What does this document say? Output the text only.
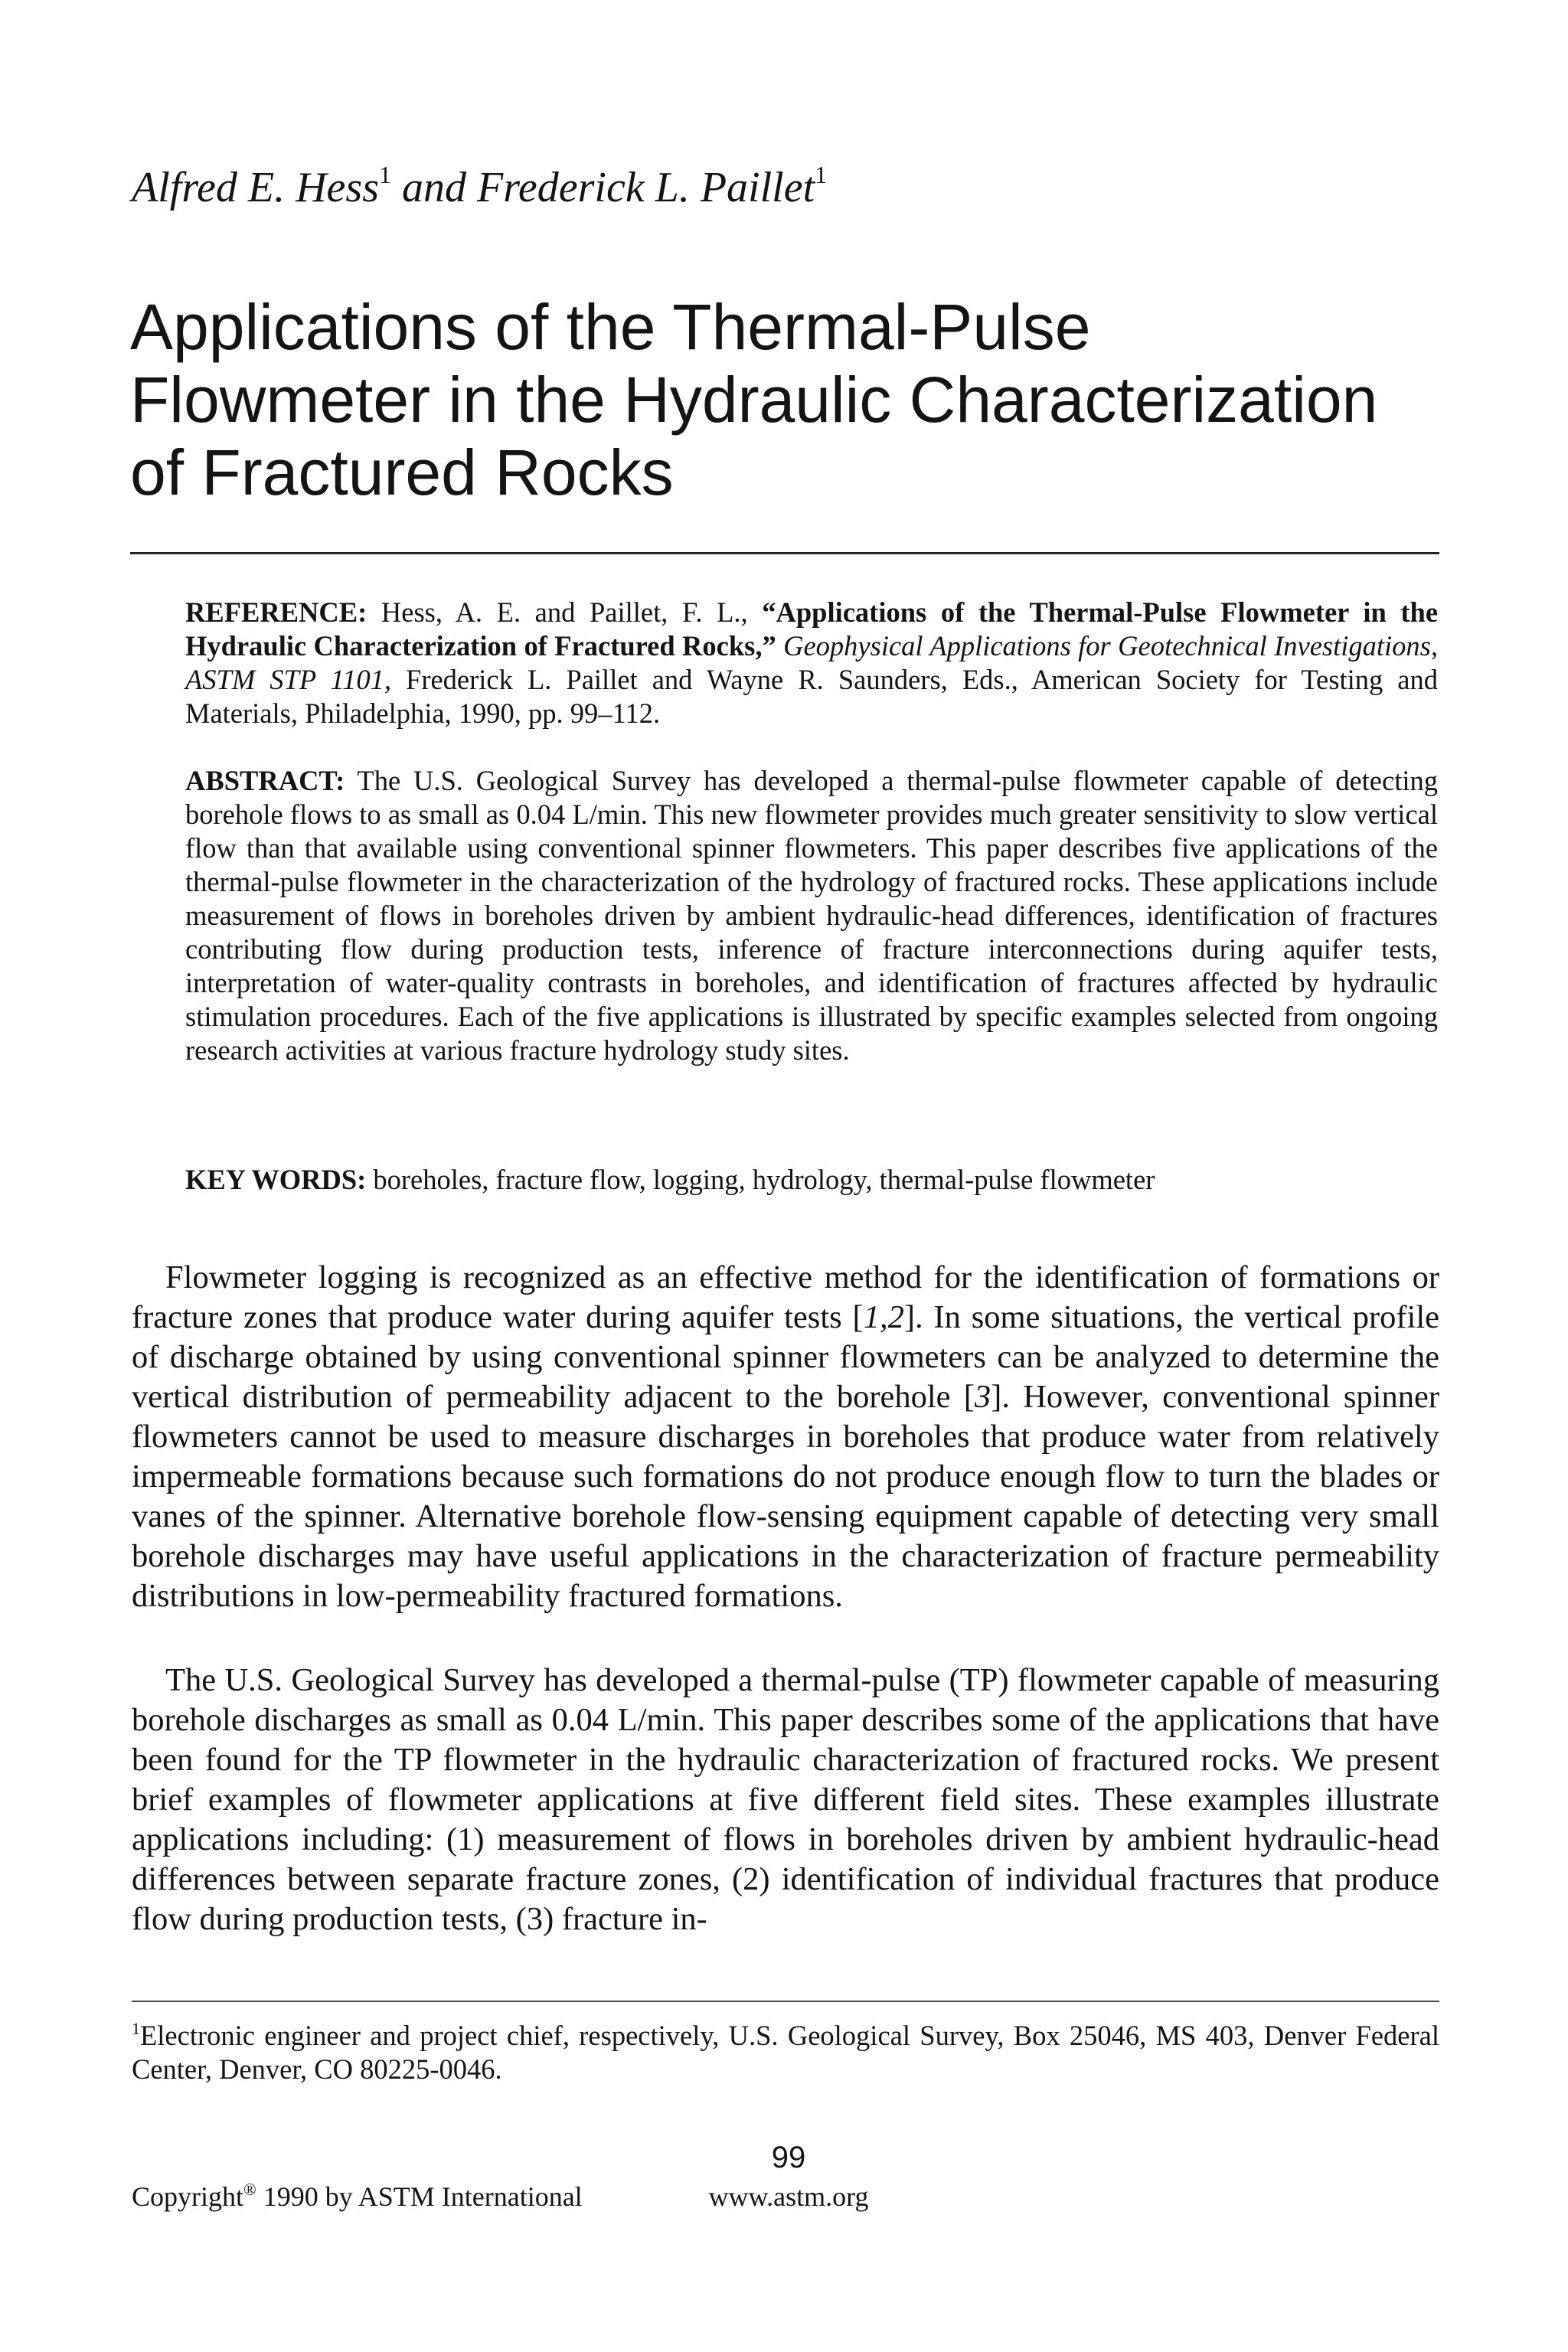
Alfred E. Hess$^1$ and Frederick L. Paillet$^1$
Applications of the Thermal-Pulse
Flowmeter in the Hydraulic Characterization
of Fractured Rocks

REFERENCE: Hess, A. E. and Paillet, F. L., “Applications of the Thermal-Pulse Flowmeter in the Hydraulic Characterization of Fractured Rocks,” Geophysical Applications for Geotechnical Investigations, ASTM STP 1101, Frederick L. Paillet and Wayne R. Saunders, Eds., American Society for Testing and Materials, Philadelphia, 1990, pp. 99–112.

ABSTRACT: The U.S. Geological Survey has developed a thermal-pulse flowmeter capable of detecting borehole flows to as small as 0.04 L/min. This new flowmeter provides much greater sensitivity to slow vertical flow than that available using conventional spinner flowmeters. This paper describes five applications of the thermal-pulse flowmeter in the characterization of the hydrology of fractured rocks. These applications include measurement of flows in boreholes driven by ambient hydraulic-head differences, identification of fractures contributing flow during production tests, inference of fracture interconnections during aquifer tests, interpretation of water-quality contrasts in boreholes, and identification of fractures affected by hydraulic stimulation procedures. Each of the five applications is illustrated by specific examples selected from ongoing research activities at various fracture hydrology study sites.

KEY WORDS: boreholes, fracture flow, logging, hydrology, thermal-pulse flowmeter

Flowmeter logging is recognized as an effective method for the identification of formations or fracture zones that produce water during aquifer tests [1,2]. In some situations, the vertical profile of discharge obtained by using conventional spinner flowmeters can be analyzed to determine the vertical distribution of permeability adjacent to the borehole [3]. However, conventional spinner flowmeters cannot be used to measure discharges in boreholes that produce water from relatively impermeable formations because such formations do not produce enough flow to turn the blades or vanes of the spinner. Alternative borehole flow-sensing equipment capable of detecting very small borehole discharges may have useful applications in the characterization of fracture permeability distributions in low-permeability fractured formations.

The U.S. Geological Survey has developed a thermal-pulse (TP) flowmeter capable of measuring borehole discharges as small as 0.04 L/min. This paper describes some of the applications that have been found for the TP flowmeter in the hydraulic characterization of fractured rocks. We present brief examples of flowmeter applications at five different field sites. These examples illustrate applications including: (1) measurement of flows in boreholes driven by ambient hydraulic-head differences between separate fracture zones, (2) identification of individual fractures that produce flow during production tests, (3) fracture in-

$^1$Electronic engineer and project chief, respectively, U.S. Geological Survey, Box 25046, MS 403, Denver Federal Center, Denver, CO 80225-0046.

99
Copyright® 1990 by ASTM International	www.astm.org
